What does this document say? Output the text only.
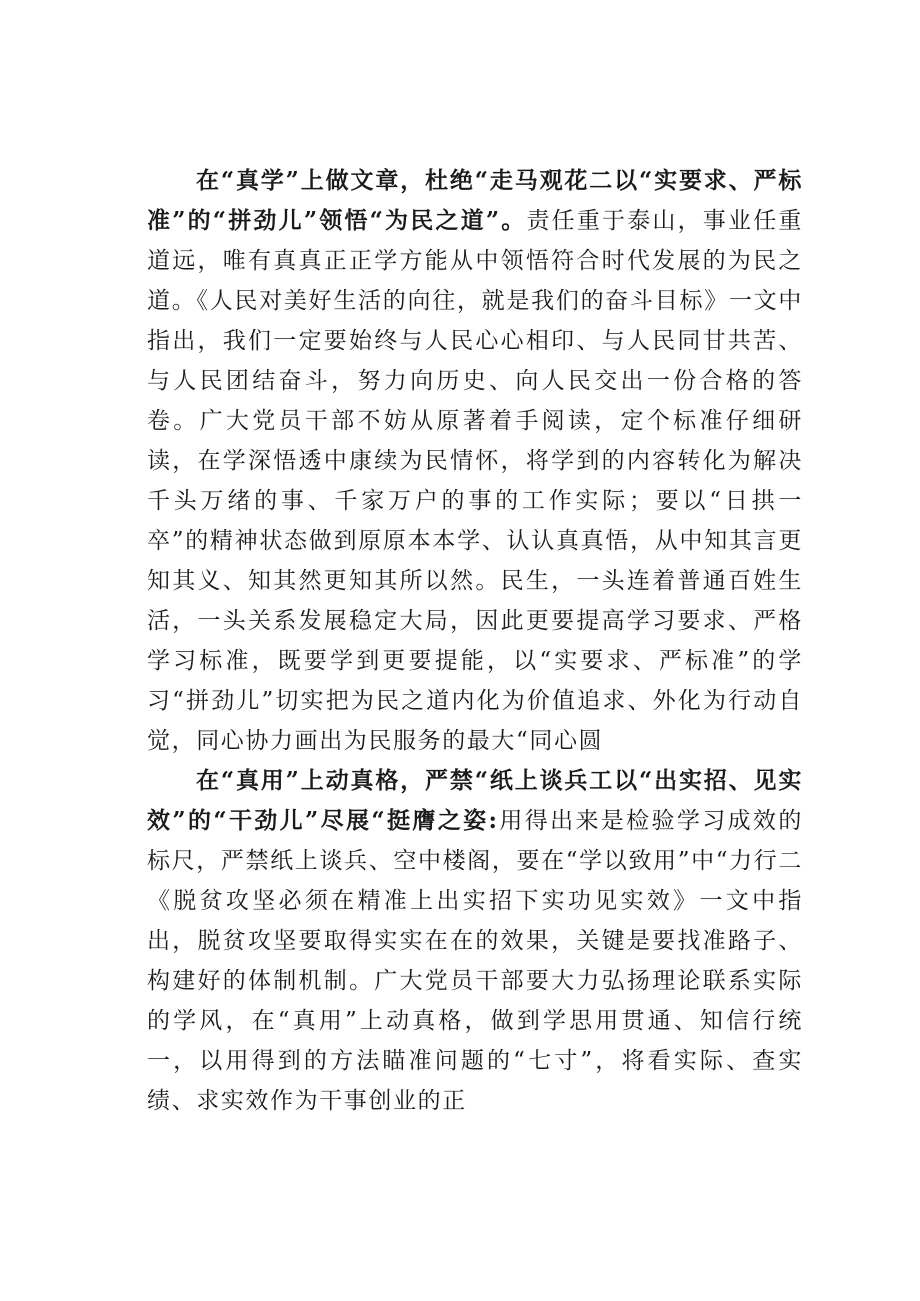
在“真学”上做文章，杜绝“走马观花二以“实要求、严标准”的“拼劲儿”领悟“为民之道”。责任重于泰山，事业任重道远，唯有真真正正学方能从中领悟符合时代发展的为民之道。《人民对美好生活的向往，就是我们的奋斗目标》一文中指出，我们一定要始终与人民心心相印、与人民同甘共苦、与人民团结奋斗，努力向历史、向人民交出一份合格的答卷。广大党员干部不妨从原著着手阅读，定个标准仔细研读，在学深悟透中康续为民情怀，将学到的内容转化为解决千头万绪的事、千家万户的事的工作实际；要以“日拱一卒”的精神状态做到原原本本学、认认真真悟，从中知其言更知其义、知其然更知其所以然。民生，一头连着普通百姓生活，一头关系发展稳定大局，因此更要提高学习要求、严格学习标准，既要学到更要提能，以“实要求、严标准”的学习“拼劲儿”切实把为民之道内化为价值追求、外化为行动自觉，同心协力画出为民服务的最大“同心圆

在“真用”上动真格，严禁“纸上谈兵工以“出实招、见实效”的“干劲儿”尽展“挺膺之姿:用得出来是检验学习成效的标尺，严禁纸上谈兵、空中楼阁，要在“学以致用”中“力行二《脱贫攻坚必须在精准上出实招下实功见实效》一文中指出，脱贫攻坚要取得实实在在的效果，关键是要找准路子、构建好的体制机制。广大党员干部要大力弘扬理论联系实际的学风，在“真用”上动真格，做到学思用贯通、知信行统一，以用得到的方法瞄准问题的“七寸”，将看实际、查实绩、求实效作为干事创业的正
